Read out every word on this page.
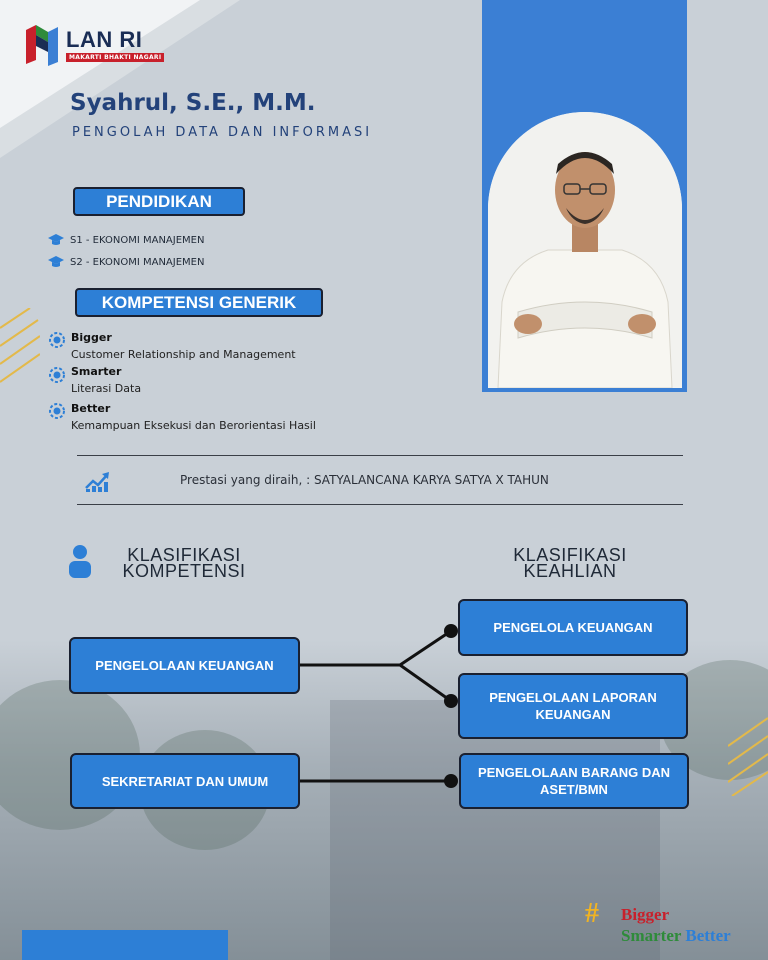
LAN RI
MAKARTI BHAKTI NAGARI
Syahrul, S.E., M.M.
PENGOLAH DATA DAN INFORMASI
PENDIDIKAN
S1 - EKONOMI MANAJEMEN
S2 - EKONOMI MANAJEMEN
KOMPETENSI GENERIK
Bigger
Customer Relationship and Management
Smarter
Literasi Data
Better
Kemampuan Eksekusi dan Berorientasi Hasil
Prestasi yang diraih, : SATYALANCANA KARYA SATYA X TAHUN
KLASIFIKASI
KOMPETENSI
KLASIFIKASI
KEAHLIAN
PENGELOLAAN KEUANGAN
SEKRETARIAT DAN UMUM
PENGELOLA KEUANGAN
PENGELOLAAN LAPORAN KEUANGAN
PENGELOLAAN BARANG DAN ASET/BMN
# Bigger
Smarter Better
